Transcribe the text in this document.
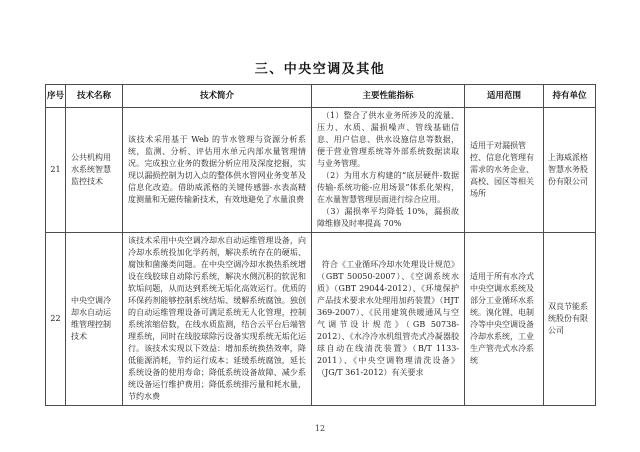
三、中央空调及其他
序号	技术名称	技术简介	主要性能指标	适用范围	持有单位
21	公共机构用水系统智慧监控技术	该技术采用基于 Web 的节水管理与资源分析系统，监测、分析、评估用水单元内部水量管理情况。完成独立业务的数据分析应用及深度挖掘，实现以漏损控制为切入点的整体供水管网业务变革及信息化改造。借助威派格的关键传感器-水表高精度测量和无磁传输新技术，有效地避免了水量浪费	（1）整合了供水业务所涉及的流量、压力、水质、漏损噪声、管线基础信息、用户信息、供水设施信息等数据，便于营业管理系统等外部系统数据读取与业务管理。

（2）为用水方构建的“底层硬件-数据传输-系统功能-应用场景”体系化架构，在水量智慧管理层面进行综合应用。

（3）漏损率平均降低 10%，漏损故障维修及时率提高 70%	适用于对漏损管控、信息化管理有需求的水务企业、高校、园区等相关场所	上海威派格智慧水务股份有限公司
22	中央空调冷却水自动运维管理控制技术	该技术采用中央空调冷却水自动运维管理设备，向冷却水系统投加化学药剂，解决系统存在的硬垢、腐蚀和菌藻类问题。在中央空调冷却水换热系统增设在线胶球自动除污系统，解决水侧沉积的软泥和软垢问题，从而达到系统无垢化高效运行。优质的环保药剂能够控制系统结垢、缓解系统腐蚀。独创的自动运维管理设备可满足系统无人化管理，控制系统浓缩倍数，在线水质监测，结合云平台后端管理系统，同时在线胶球除污设备实现系统无垢化运行。该技术实现以下效益：增加系统换热效率，降低能源消耗，节约运行成本；延缓系统腐蚀，延长系统设备的使用寿命；降低系统设备故障、减少系统设备运行维护费用；降低系统排污量和耗水量，节约水费	符合《工业循环冷却水处理设计规范》（GBT 50050-2007）、《空调系统水质》（GBT 29044-2012）、《环境保护产品技术要求水处理用加药装置》（HJT 369-2007）、《民用建筑供暖通风与空气调节设计规范》（GB 50738-2012）、《水冷冷水机组管壳式冷凝器胶球自动在线清洗装置》（B/T 1133-2011）、《中央空调物理清洗设备》（JG/T 361-2012）有关要求	适用于所有水冷式中央空调水系统及部分工业循环水系统。溴化锂、电制冷等中央空调设备冷却水系统，工业生产管壳式水冷系统	双良节能系统股份有限公司
12
